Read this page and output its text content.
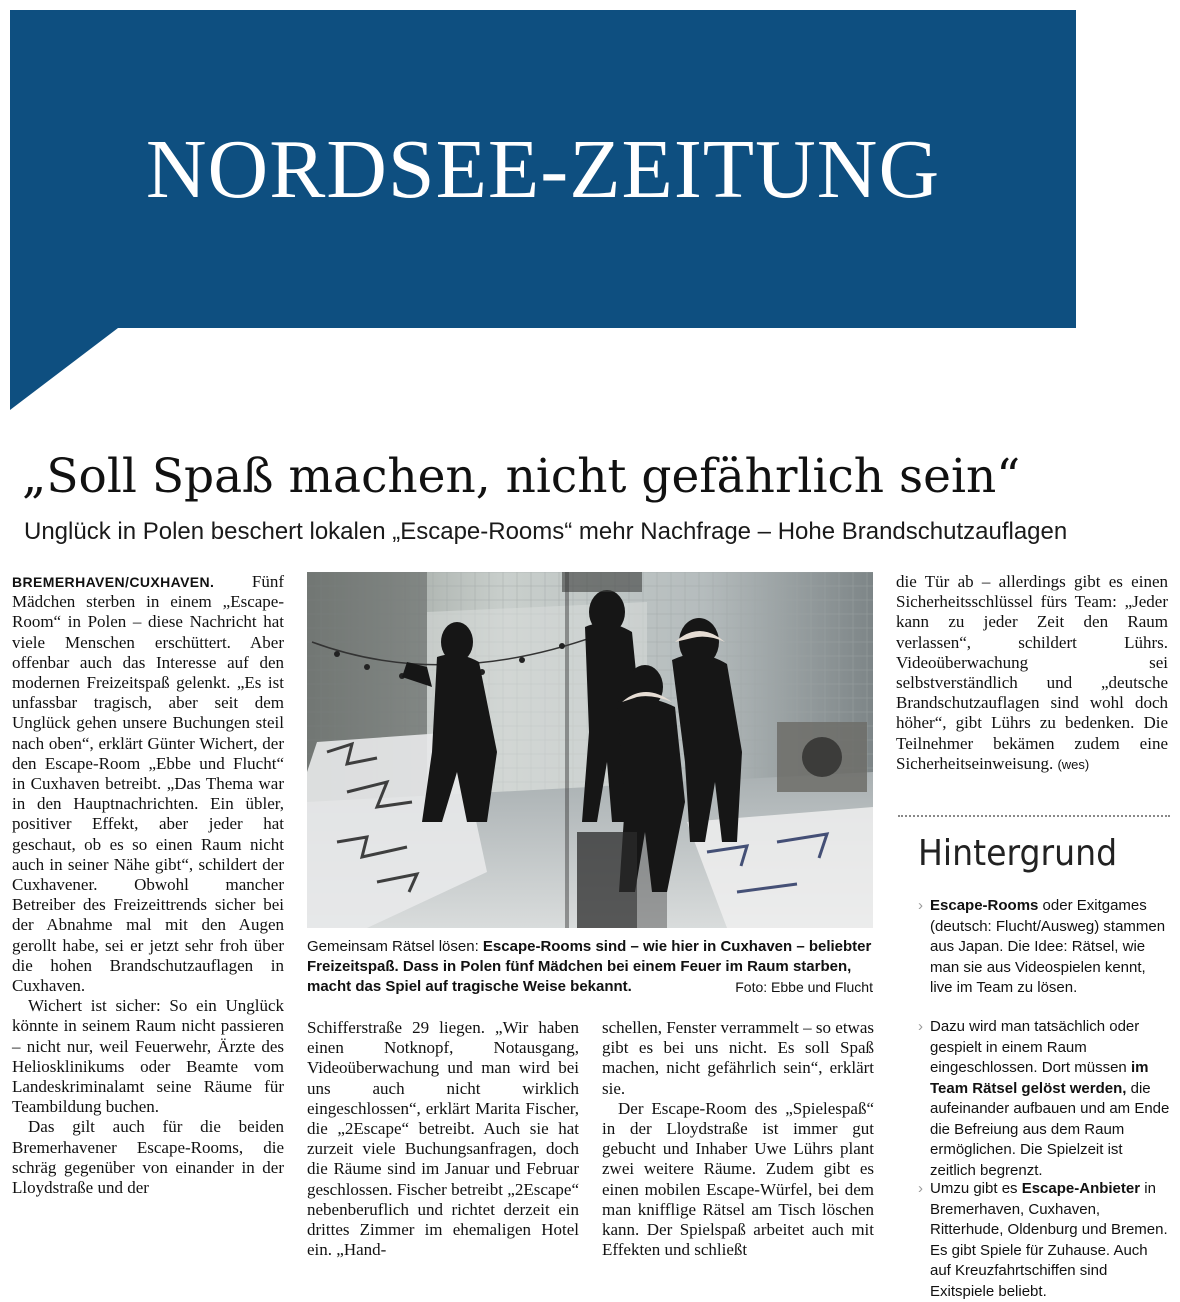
NORDSEE-ZEITUNG
„Soll Spaß machen, nicht gefährlich sein“
Unglück in Polen beschert lokalen „Escape-Rooms“ mehr Nachfrage – Hohe Brandschutzauflagen

BREMERHAVEN/CUXHAVEN. Fünf Mädchen sterben in einem „Escape-Room“ in Polen – diese Nachricht hat viele Menschen erschüttert. Aber offenbar auch das Interesse auf den modernen Freizeitspaß gelenkt. „Es ist unfassbar tragisch, aber seit dem Unglück gehen unsere Buchungen steil nach oben“, erklärt Günter Wichert, der den Escape-Room „Ebbe und Flucht“ in Cuxhaven betreibt. „Das Thema war in den Hauptnachrichten. Ein übler, positiver Effekt, aber jeder hat geschaut, ob es so einen Raum nicht auch in seiner Nähe gibt“, schildert der Cuxhavener. Obwohl mancher Betreiber des Freizeittrends sicher bei der Abnahme mal mit den Augen gerollt habe, sei er jetzt sehr froh über die hohen Brandschutzauflagen in Cuxhaven.

Wichert ist sicher: So ein Unglück könnte in seinem Raum nicht passieren – nicht nur, weil Feuerwehr, Ärzte des Heliosklinikums oder Beamte vom Landeskriminalamt seine Räume für Teambildung buchen.

Das gilt auch für die beiden Bremerhavener Escape-Rooms, die schräg gegenüber von einander in der Lloydstraße und der

Gemeinsam Rätsel lösen: Escape-Rooms sind – wie hier in Cuxhaven – beliebter Freizeitspaß. Dass in Polen fünf Mädchen bei einem Feuer im Raum starben, macht das Spiel auf tragische Weise bekannt.	Foto: Ebbe und Flucht

Schifferstraße 29 liegen. „Wir haben einen Notknopf, Notausgang, Videoüberwachung und man wird bei uns auch nicht wirklich eingeschlossen“, erklärt Marita Fischer, die „2Escape“ betreibt. Auch sie hat zurzeit viele Buchungsanfragen, doch die Räume sind im Januar und Februar geschlossen. Fischer betreibt „2Escape“ nebenberuflich und richtet derzeit ein drittes Zimmer im ehemaligen Hotel ein. „Hand-

schellen, Fenster verrammelt – so etwas gibt es bei uns nicht. Es soll Spaß machen, nicht gefährlich sein“, erklärt sie.

Der Escape-Room des „Spielespaß“ in der Lloydstraße ist immer gut gebucht und Inhaber Uwe Lührs plant zwei weitere Räume. Zudem gibt es einen mobilen Escape-Würfel, bei dem man knifflige Rätsel am Tisch löschen kann. Der Spielspaß arbeitet auch mit Effekten und schließt

die Tür ab – allerdings gibt es einen Sicherheitsschlüssel fürs Team: „Jeder kann zu jeder Zeit den Raum verlassen“, schildert Lührs. Videoüberwachung sei selbstverständlich und „deutsche Brandschutzauflagen sind wohl doch höher“, gibt Lührs zu bedenken. Die Teilnehmer bekämen zudem eine Sicherheitseinweisung. (wes)

Hintergrund
› Escape-Rooms oder Exitgames (deutsch: Flucht/Ausweg) stammen aus Japan. Die Idee: Rätsel, wie man sie aus Videospielen kennt, live im Team zu lösen.
› Dazu wird man tatsächlich oder gespielt in einem Raum eingeschlossen. Dort müssen im Team Rätsel gelöst werden, die aufeinander aufbauen und am Ende die Befreiung aus dem Raum ermöglichen. Die Spielzeit ist zeitlich begrenzt.
› Umzu gibt es Escape-Anbieter in Bremerhaven, Cuxhaven, Ritterhude, Oldenburg und Bremen. Es gibt Spiele für Zuhause. Auch auf Kreuzfahrtschiffen sind Exitspiele beliebt.
